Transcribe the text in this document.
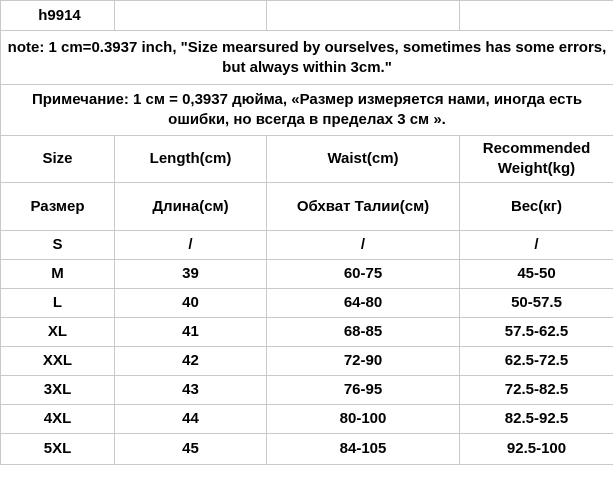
h9914			
note: 1 cm=0.3937 inch, "Size mearsured by ourselves, sometimes has some errors, but always within 3cm."			
Примечание: 1 см = 0,3937 дюйма, «Размер измеряется нами, иногда есть ошибки, но всегда в пределах 3 см ».			
Size	Length(cm)	Waist(cm)	Recommended Weight(kg)
Размер	Длина(см)	Обхват Талии(см)	Вес(кг)
S	/	/	/
M	39	60-75	45-50
L	40	64-80	50-57.5
XL	41	68-85	57.5-62.5
XXL	42	72-90	62.5-72.5
3XL	43	76-95	72.5-82.5
4XL	44	80-100	82.5-92.5
5XL	45	84-105	92.5-100
